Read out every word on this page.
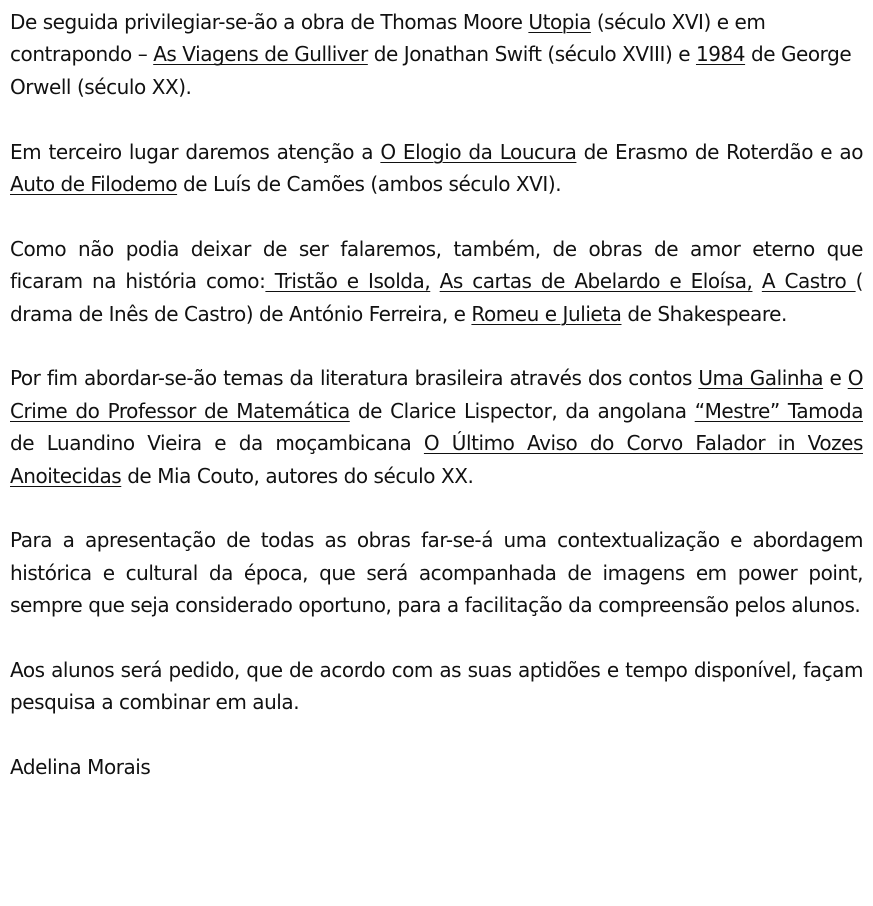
De seguida privilegiar-se-ão a obra de Thomas Moore Utopia (século XVI) e em contrapondo – As Viagens de Gulliver de Jonathan Swift (século XVIII) e 1984 de George Orwell (século XX).

Em terceiro lugar daremos atenção a O Elogio da Loucura de Erasmo de Roterdão e ao Auto de Filodemo de Luís de Camões (ambos século XVI).

Como não podia deixar de ser falaremos, também, de obras de amor eterno que ficaram na história como: Tristão e Isolda, As cartas de Abelardo e Eloísa, A Castro ( drama de Inês de Castro) de António Ferreira, e Romeu e Julieta de Shakespeare.

Por fim abordar-se-ão temas da literatura brasileira através dos contos Uma Galinha e O Crime do Professor de Matemática de Clarice Lispector, da angolana “Mestre” Tamoda de Luandino Vieira e da moçambicana O Último Aviso do Corvo Falador in Vozes Anoitecidas de Mia Couto, autores do século XX.

Para a apresentação de todas as obras far-se-á uma contextualização e abordagem histórica e cultural da época, que será acompanhada de imagens em power point, sempre que seja considerado oportuno, para a facilitação da compreensão pelos alunos.

Aos alunos será pedido, que de acordo com as suas aptidões e tempo disponível, façam pesquisa a combinar em aula.

Adelina Morais
